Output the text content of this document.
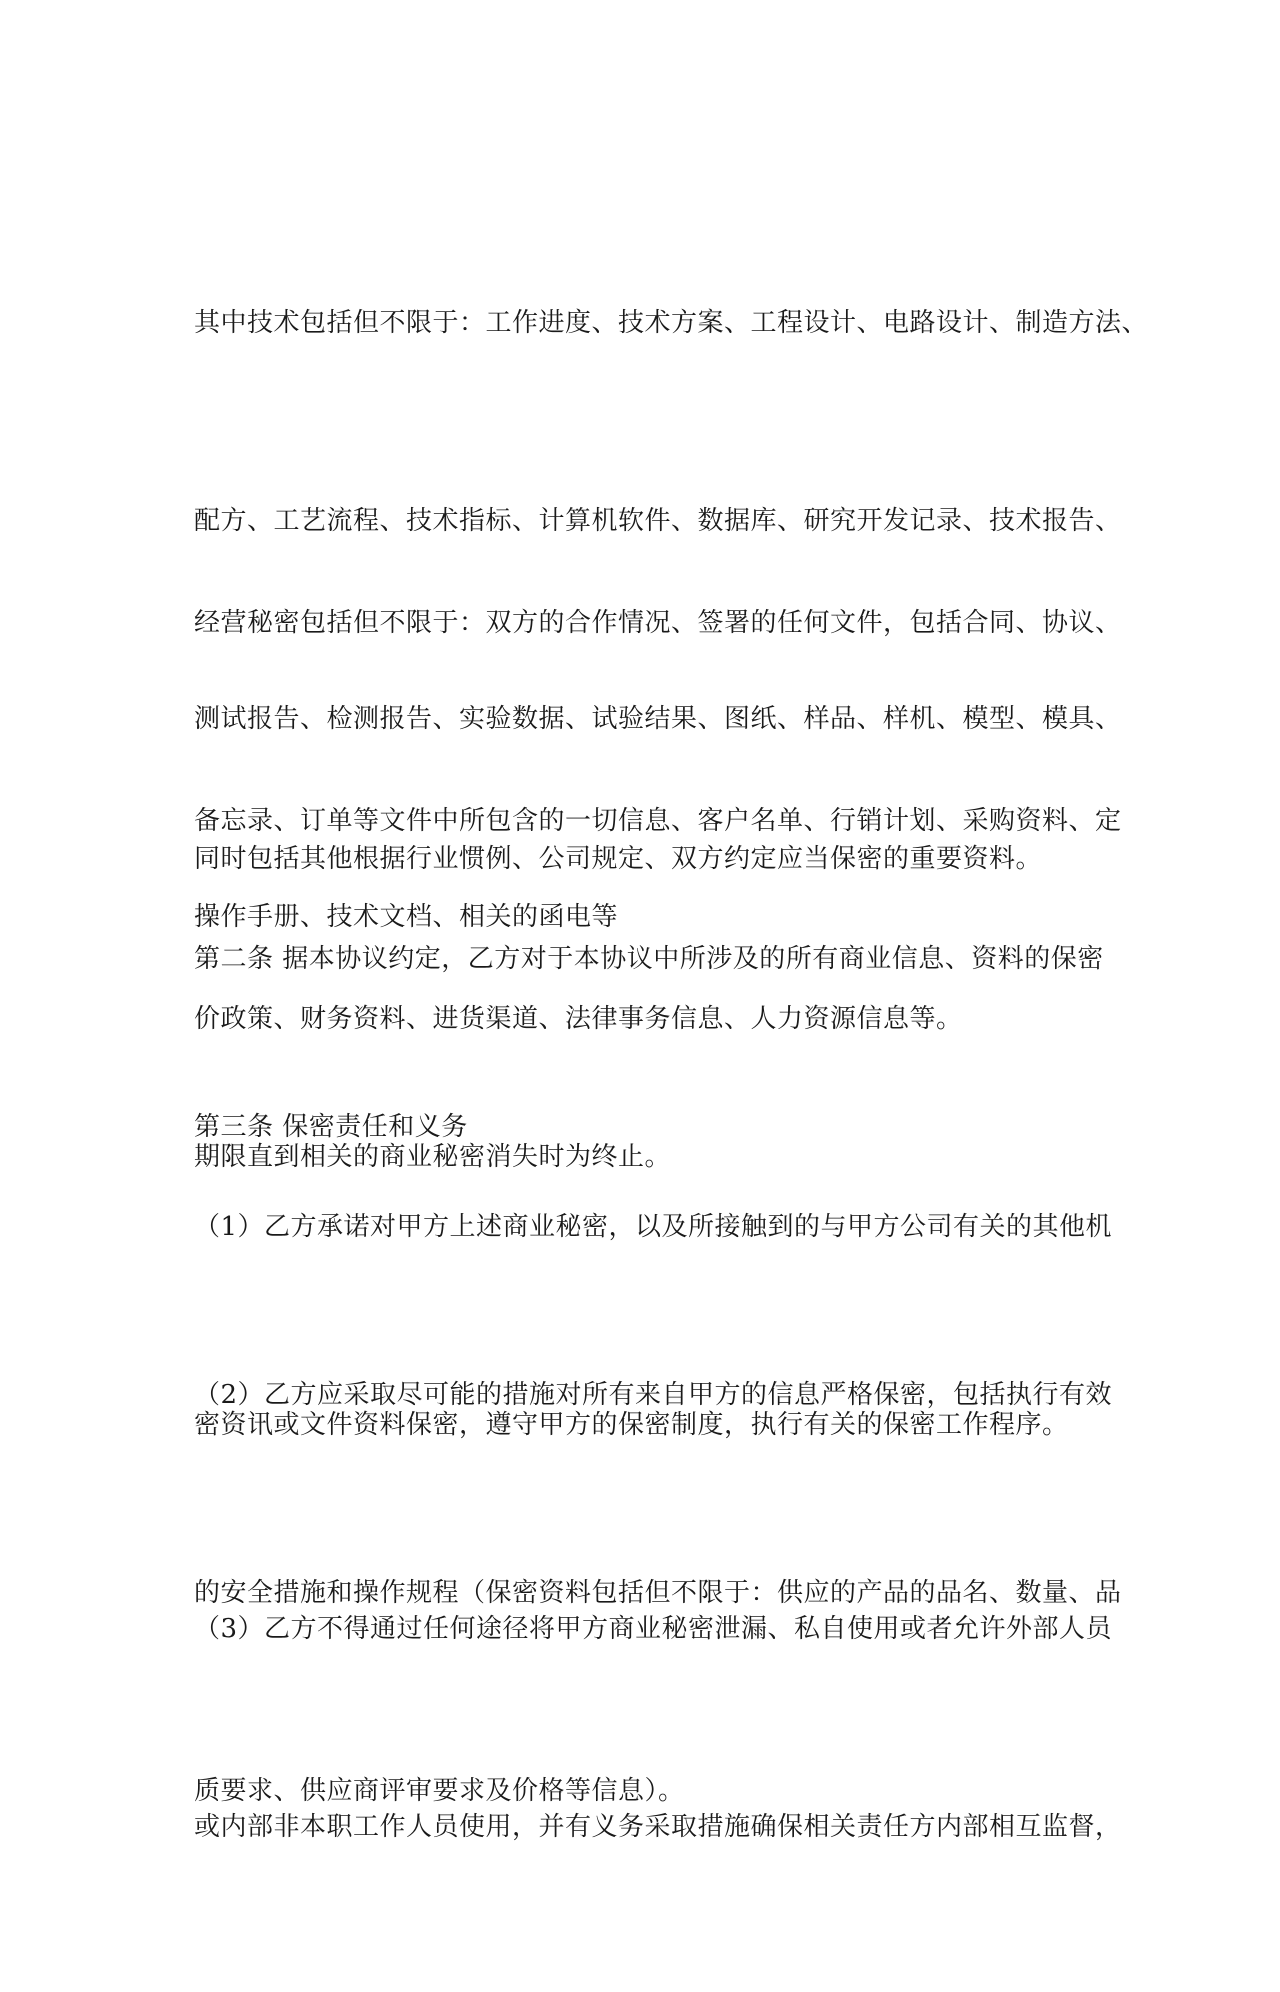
其中技术包括但不限于：工作进度、技术方案、工程设计、电路设计、制造方法、

配方、工艺流程、技术指标、计算机软件、数据库、研究开发记录、技术报告、

测试报告、检测报告、实验数据、试验结果、图纸、样品、样机、模型、模具、

操作手册、技术文档、相关的函电等

经营秘密包括但不限于：双方的合作情况、签署的任何文件，包括合同、协议、

备忘录、订单等文件中所包含的一切信息、客户名单、行销计划、采购资料、定

价政策、财务资料、进货渠道、法律事务信息、人力资源信息等。

同时包括其他根据行业惯例、公司规定、双方约定应当保密的重要资料。

第二条 据本协议约定，乙方对于本协议中所涉及的所有商业信息、资料的保密

期限直到相关的商业秘密消失时为终止。

第三条 保密责任和义务

（1）乙方承诺对甲方上述商业秘密，以及所接触到的与甲方公司有关的其他机

密资讯或文件资料保密，遵守甲方的保密制度，执行有关的保密工作程序。

（2）乙方应采取尽可能的措施对所有来自甲方的信息严格保密，包括执行有效

的安全措施和操作规程（保密资料包括但不限于：供应的产品的品名、数量、品

质要求、供应商评审要求及价格等信息）。

（3）乙方不得通过任何途径将甲方商业秘密泄漏、私自使用或者允许外部人员

或内部非本职工作人员使用，并有义务采取措施确保相关责任方内部相互监督，
